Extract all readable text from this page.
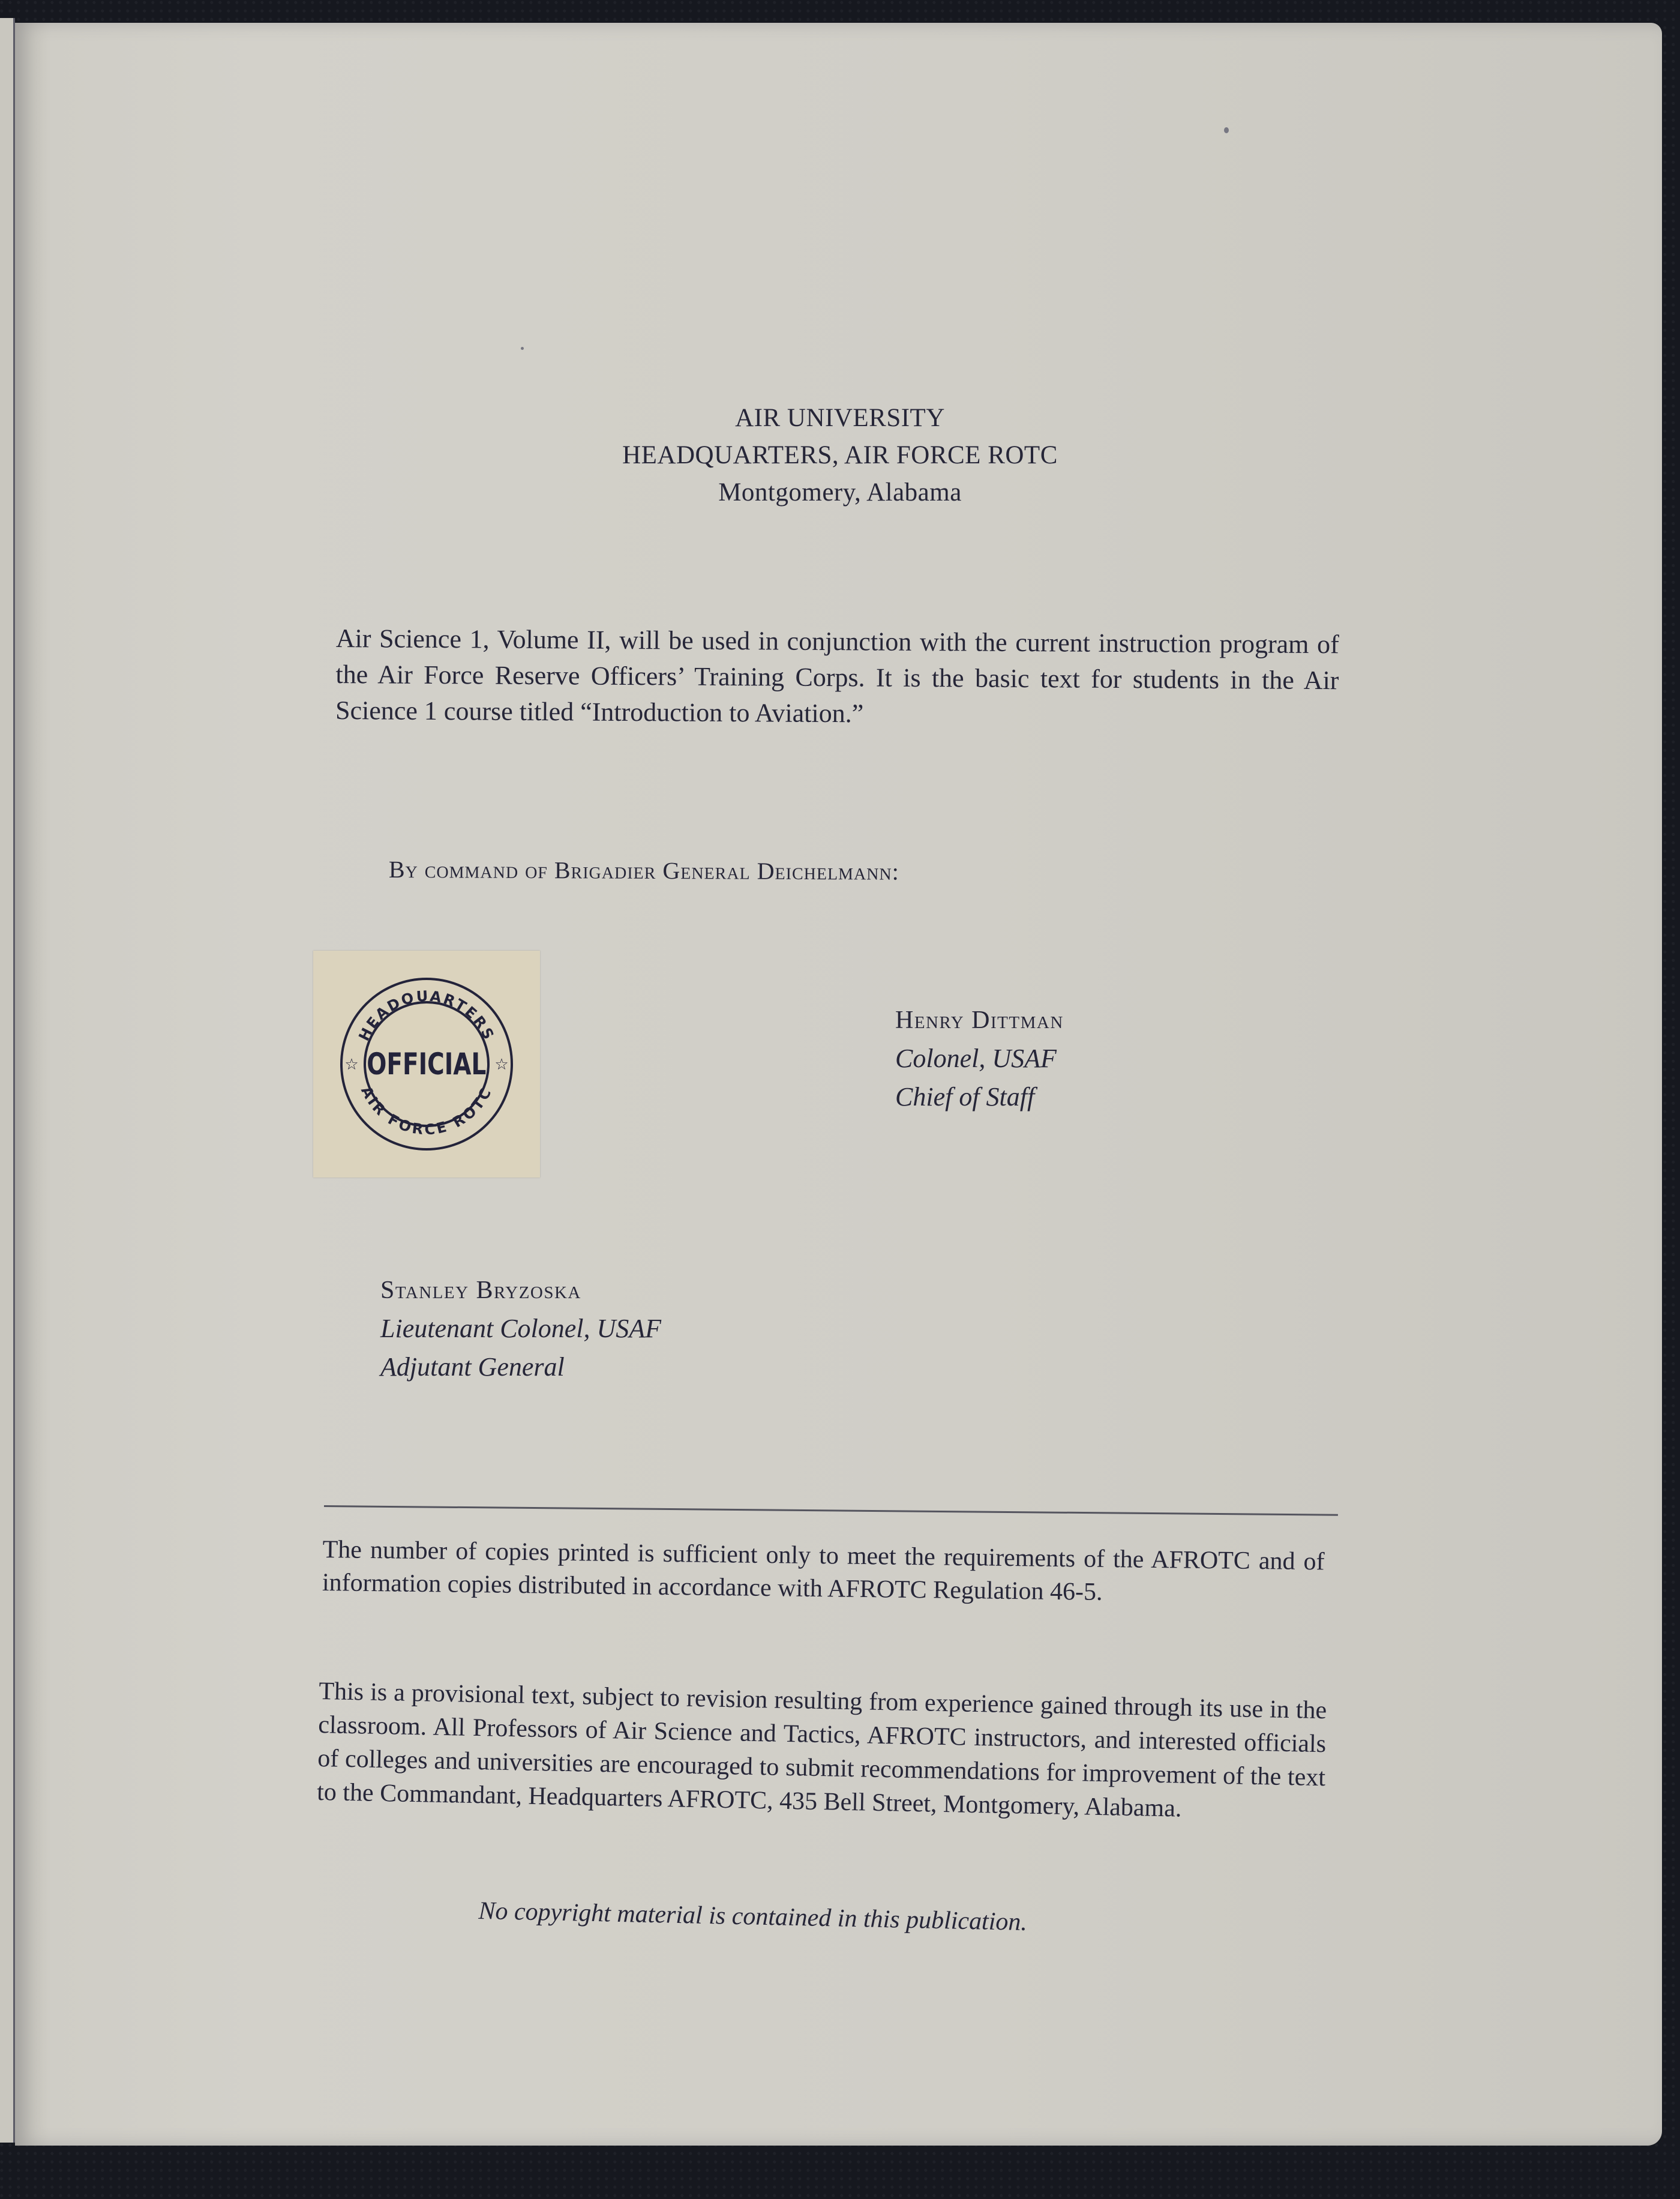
AIR UNIVERSITY
HEADQUARTERS, AIR FORCE ROTC
Montgomery, Alabama
Air Science 1, Volume II, will be used in conjunction with the current instruction program of the Air Force Reserve Officers’ Training Corps. It is the basic text for students in the Air Science 1 course titled “Introduction to Aviation.”
By command of Brigadier General Deichelmann:
HEADQUARTERS
AIR FORCE ROTC
OFFICIAL
☆	☆
Henry Dittman
Colonel, USAF
Chief of Staff
Stanley Bryzoska
Lieutenant Colonel, USAF
Adjutant General
The number of copies printed is sufficient only to meet the requirements of the AFROTC and of information copies distributed in accordance with AFROTC Regulation 46-5.
This is a provisional text, subject to revision resulting from experience gained through its use in the classroom. All Professors of Air Science and Tactics, AFROTC instructors, and interested officials of colleges and universities are encouraged to submit recommendations for improvement of the text to the Commandant, Headquarters AFROTC, 435 Bell Street, Montgomery, Alabama.
No copyright material is contained in this publication.
